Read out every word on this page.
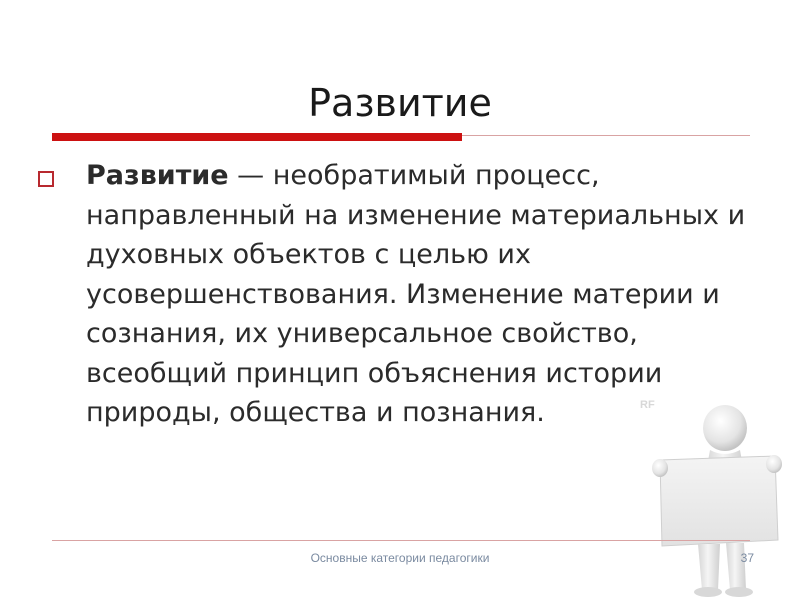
Развитие

Развитие — необратимый процесс, направленный на изменение материальных и духовных объектов с целью их усовершенствования. Изменение материи и сознания, их универсальное свойство, всеобщий принцип объяснения истории природы, общества и познания.	RF
Основные категории педагогики	37
